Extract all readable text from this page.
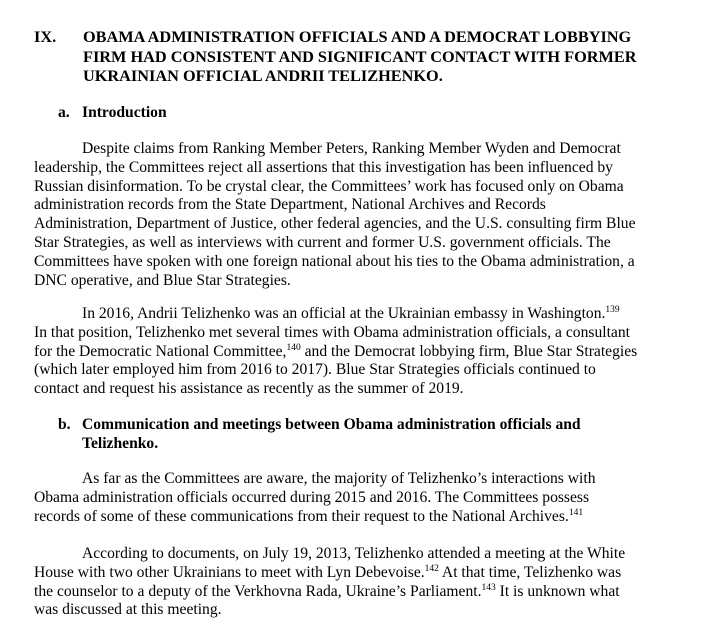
IX. OBAMA ADMINISTRATION OFFICIALS AND A DEMOCRAT LOBBYING
FIRM HAD CONSISTENT AND SIGNIFICANT CONTACT WITH FORMER
UKRAINIAN OFFICIAL ANDRII TELIZHENKO.
a. Introduction
Despite claims from Ranking Member Peters, Ranking Member Wyden and Democrat
leadership, the Committees reject all assertions that this investigation has been influenced by
Russian disinformation. To be crystal clear, the Committees’ work has focused only on Obama
administration records from the State Department, National Archives and Records
Administration, Department of Justice, other federal agencies, and the U.S. consulting firm Blue
Star Strategies, as well as interviews with current and former U.S. government officials. The
Committees have spoken with one foreign national about his ties to the Obama administration, a
DNC operative, and Blue Star Strategies.
In 2016, Andrii Telizhenko was an official at the Ukrainian embassy in Washington.$^{139}$
In that position, Telizhenko met several times with Obama administration officials, a consultant
for the Democratic National Committee,$^{140}$ and the Democrat lobbying firm, Blue Star Strategies
(which later employed him from 2016 to 2017). Blue Star Strategies officials continued to
contact and request his assistance as recently as the summer of 2019.
b. Communication and meetings between Obama administration officials and
Telizhenko.
As far as the Committees are aware, the majority of Telizhenko’s interactions with
Obama administration officials occurred during 2015 and 2016. The Committees possess
records of some of these communications from their request to the National Archives.$^{141}$
According to documents, on July 19, 2013, Telizhenko attended a meeting at the White
House with two other Ukrainians to meet with Lyn Debevoise.$^{142}$ At that time, Telizhenko was
the counselor to a deputy of the Verkhovna Rada, Ukraine’s Parliament.$^{143}$ It is unknown what
was discussed at this meeting.
